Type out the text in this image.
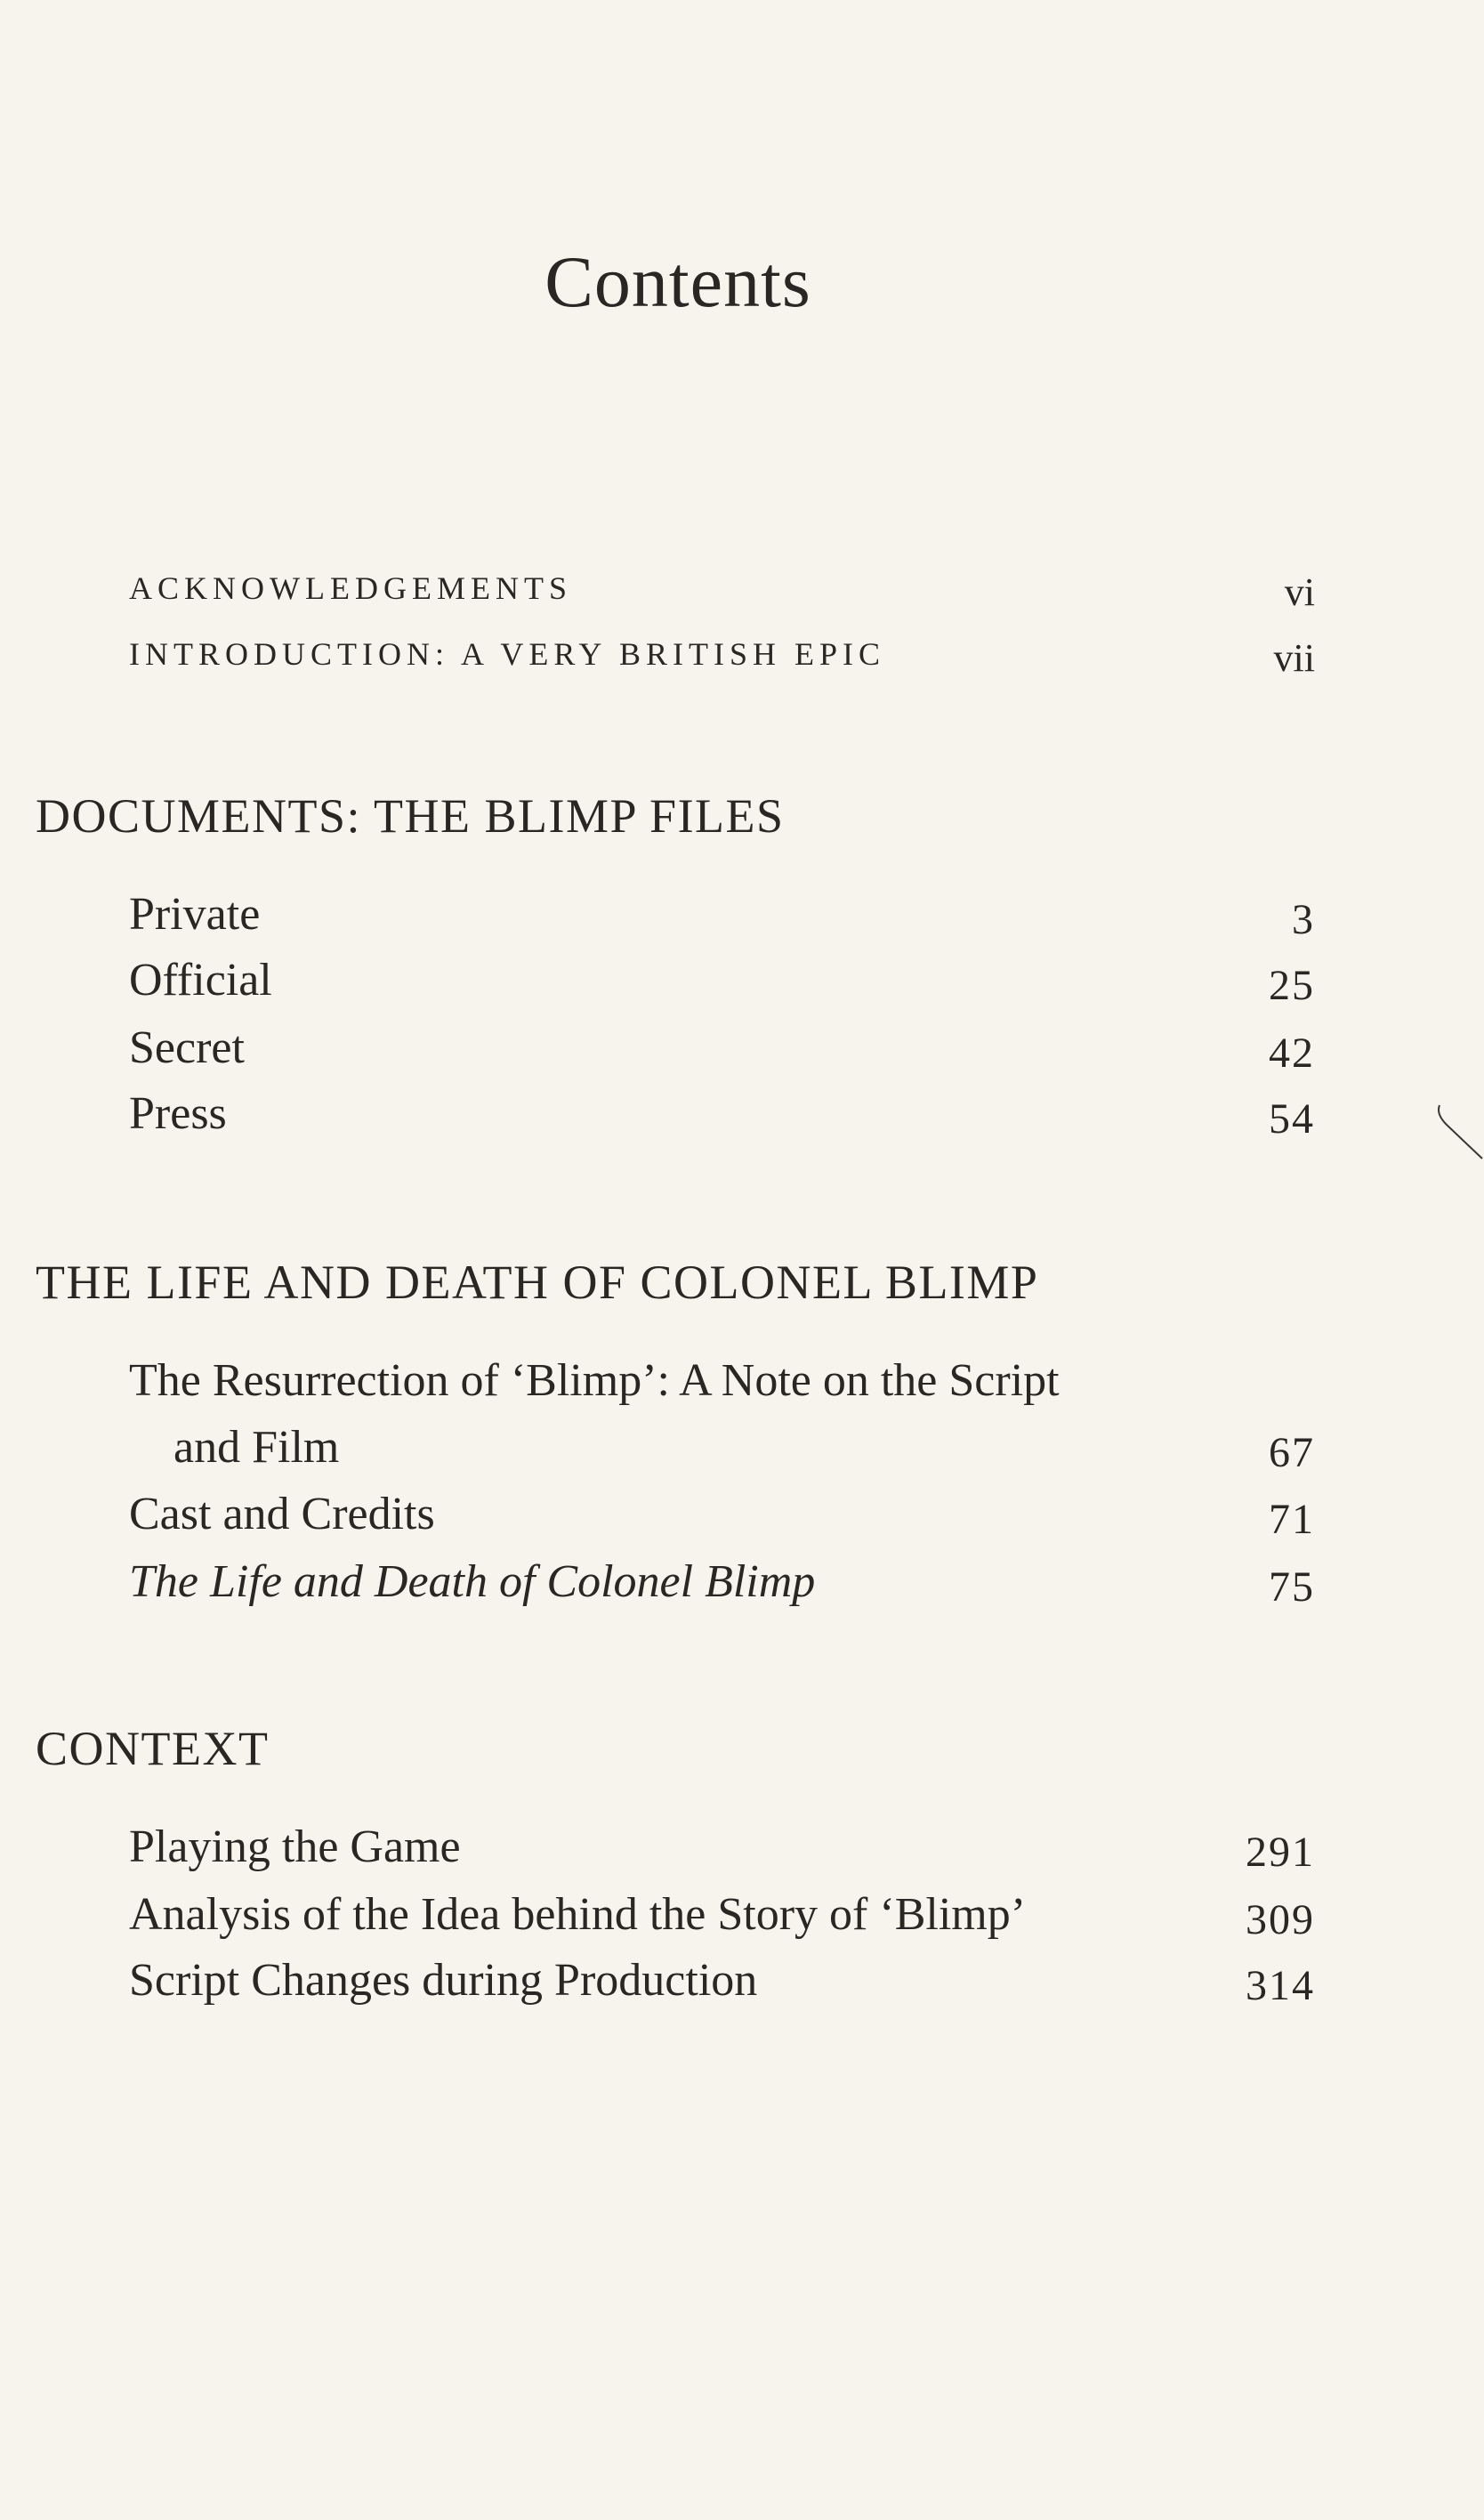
Contents
ACKNOWLEDGEMENTS	vi
INTRODUCTION: A VERY BRITISH EPIC	vii
DOCUMENTS: THE BLIMP FILES
Private	3
Official	25
Secret	42
Press	54
THE LIFE AND DEATH OF COLONEL BLIMP
The Resurrection of ‘Blimp’: A Note on the Script
and Film	67
Cast and Credits	71
The Life and Death of Colonel Blimp	75
CONTEXT
Playing the Game	291
Analysis of the Idea behind the Story of ‘Blimp’	309
Script Changes during Production	314
